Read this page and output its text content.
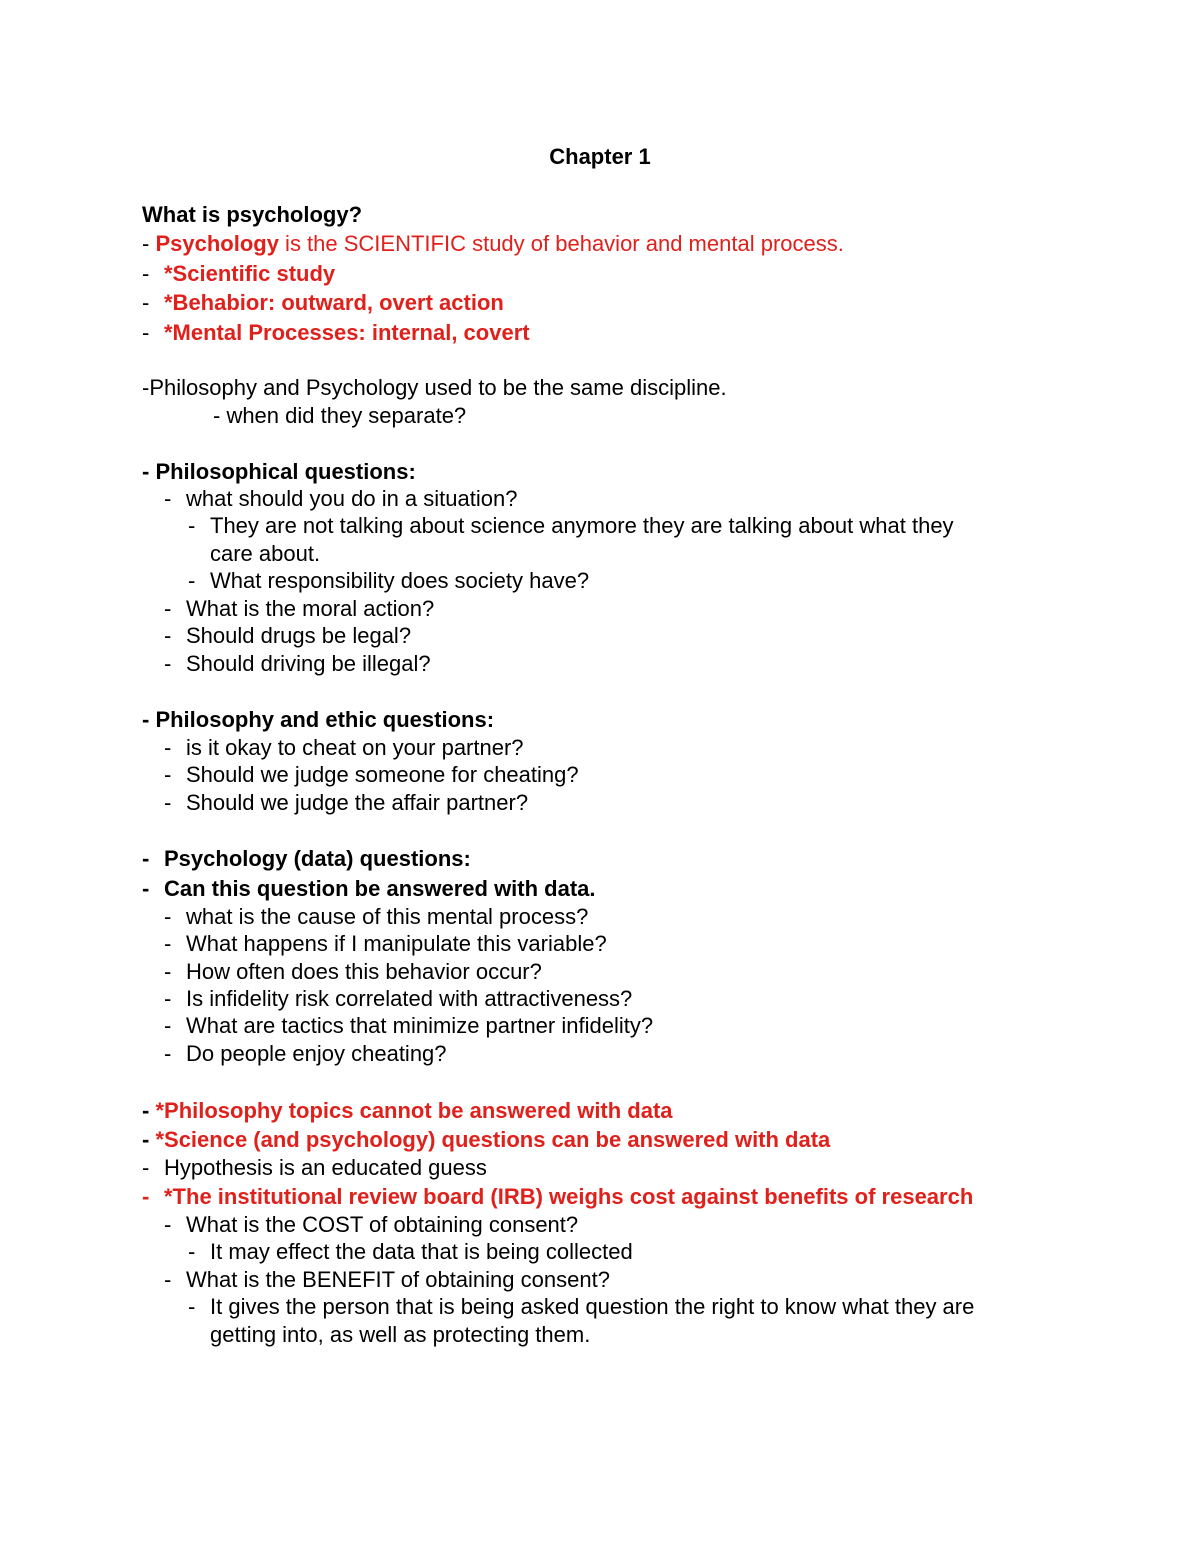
Chapter 1
What is psychology?
- Psychology is the SCIENTIFIC study of behavior and mental process.
- *Scientific study
- *Behabior: outward, overt action
- *Mental Processes: internal, covert
-Philosophy and Psychology used to be the same discipline.
- when did they separate?
- Philosophical questions:
- what should you do in a situation?
- They are not talking about science anymore they are talking about what they
care about.
- What responsibility does society have?
- What is the moral action?
- Should drugs be legal?
- Should driving be illegal?
- Philosophy and ethic questions:
- is it okay to cheat on your partner?
- Should we judge someone for cheating?
- Should we judge the affair partner?
- Psychology (data) questions:
- Can this question be answered with data.
- what is the cause of this mental process?
- What happens if I manipulate this variable?
- How often does this behavior occur?
- Is infidelity risk correlated with attractiveness?
- What are tactics that minimize partner infidelity?
- Do people enjoy cheating?
- *Philosophy topics cannot be answered with data
- *Science (and psychology) questions can be answered with data
- Hypothesis is an educated guess
- *The institutional review board (IRB) weighs cost against benefits of research
- What is the COST of obtaining consent?
- It may effect the data that is being collected
- What is the BENEFIT of obtaining consent?
- It gives the person that is being asked question the right to know what they are
getting into, as well as protecting them.
